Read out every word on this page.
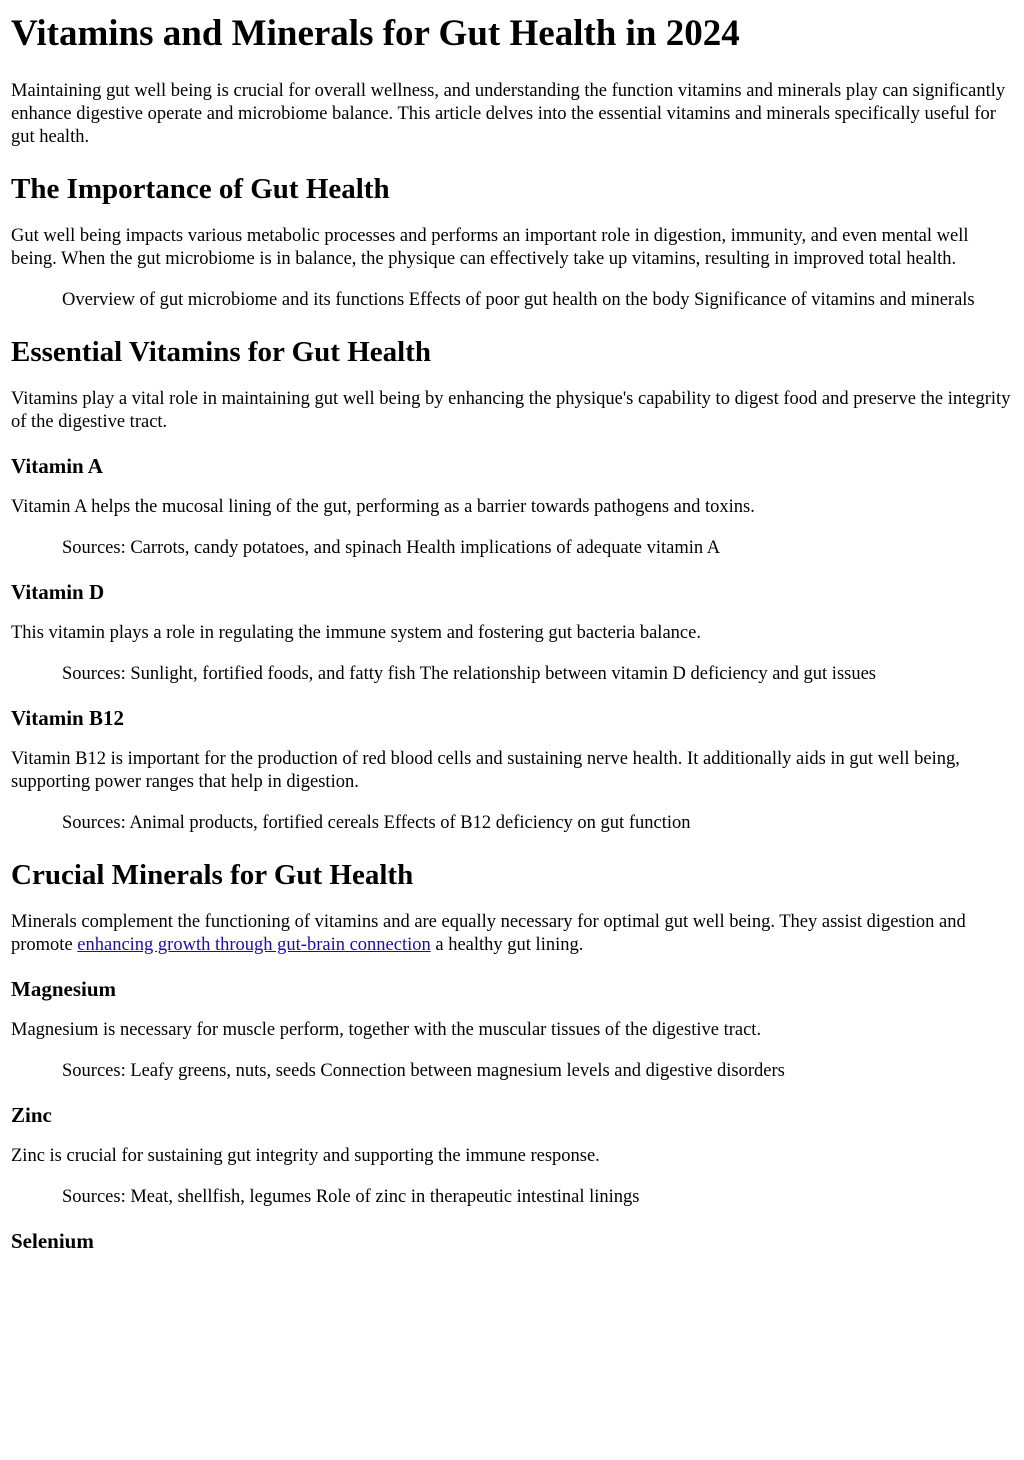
Vitamins and Minerals for Gut Health in 2024

Maintaining gut well being is crucial for overall wellness, and understanding the function vitamins and minerals play can significantly enhance digestive operate and microbiome balance. This article delves into the essential vitamins and minerals specifically useful for gut health.

The Importance of Gut Health

Gut well being impacts various metabolic processes and performs an important role in digestion, immunity, and even mental well being. When the gut microbiome is in balance, the physique can effectively take up vitamins, resulting in improved total health.

Overview of gut microbiome and its functions Effects of poor gut health on the body Significance of vitamins and minerals
Essential Vitamins for Gut Health

Vitamins play a vital role in maintaining gut well being by enhancing the physique's capability to digest food and preserve the integrity of the digestive tract.

Vitamin A

Vitamin A helps the mucosal lining of the gut, performing as a barrier towards pathogens and toxins.

Sources: Carrots, candy potatoes, and spinach Health implications of adequate vitamin A
Vitamin D

This vitamin plays a role in regulating the immune system and fostering gut bacteria balance.

Sources: Sunlight, fortified foods, and fatty fish The relationship between vitamin D deficiency and gut issues
Vitamin B12

Vitamin B12 is important for the production of red blood cells and sustaining nerve health. It additionally aids in gut well being, supporting power ranges that help in digestion.

Sources: Animal products, fortified cereals Effects of B12 deficiency on gut function
Crucial Minerals for Gut Health

Minerals complement the functioning of vitamins and are equally necessary for optimal gut well being. They assist digestion and promote enhancing growth through gut-brain connection a healthy gut lining.

Magnesium

Magnesium is necessary for muscle perform, together with the muscular tissues of the digestive tract.

Sources: Leafy greens, nuts, seeds Connection between magnesium levels and digestive disorders
Zinc

Zinc is crucial for sustaining gut integrity and supporting the immune response.

Sources: Meat, shellfish, legumes Role of zinc in therapeutic intestinal linings
Selenium
